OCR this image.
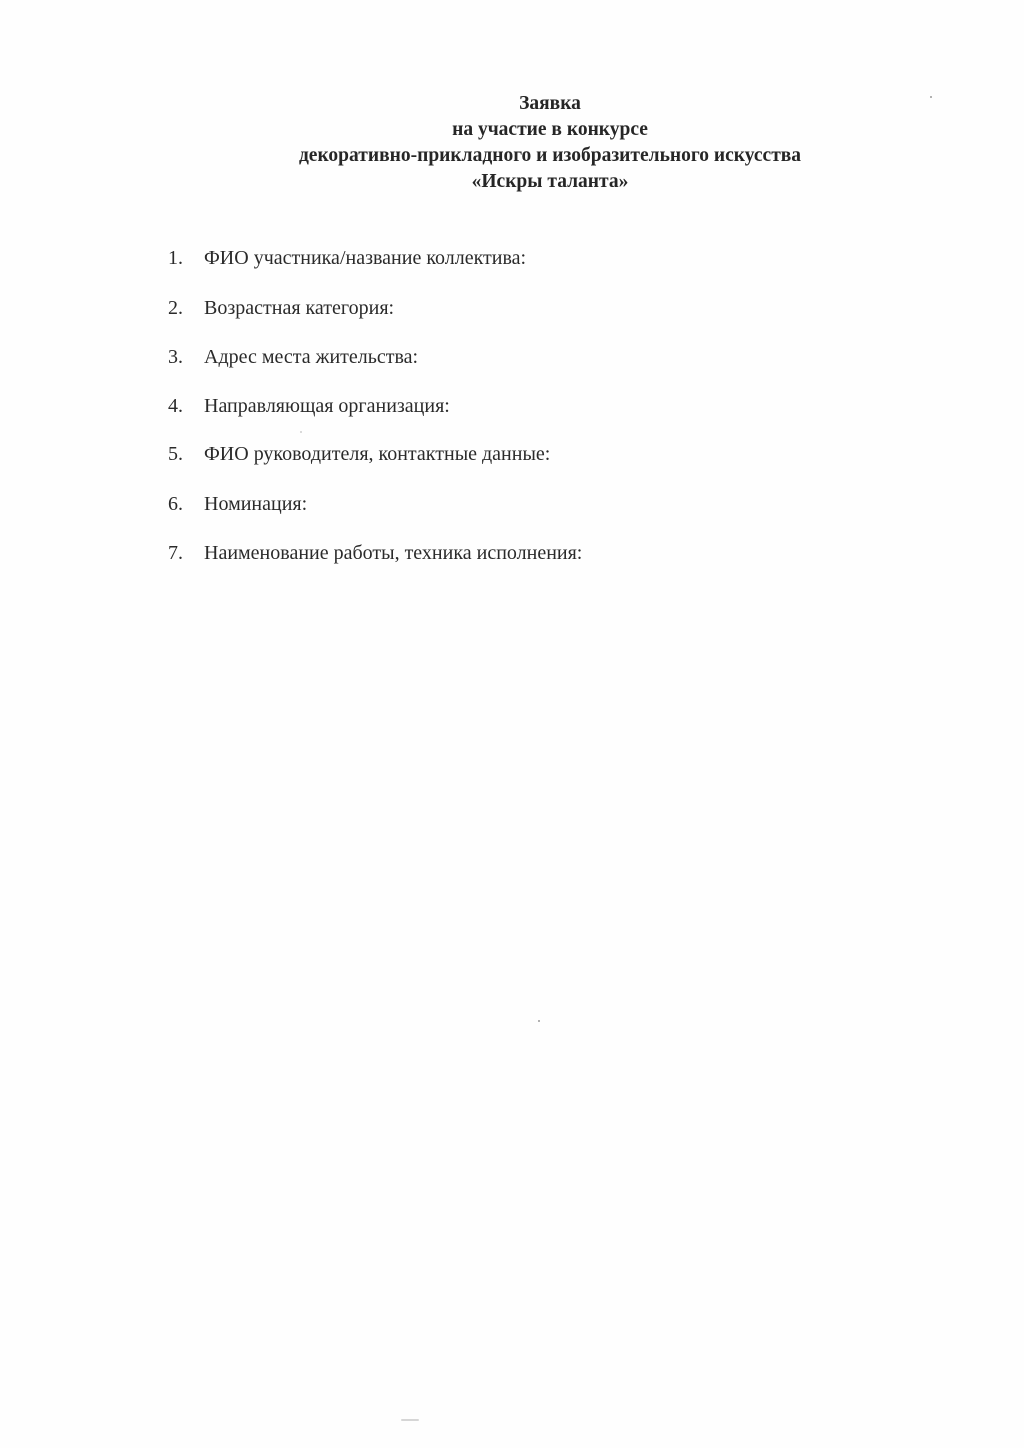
Заявка
на участие в конкурсе
декоративно-прикладного и изобразительного искусства
«Искры таланта»
1. ФИО участника/название коллектива:
2. Возрастная категория:
3. Адрес места жительства:
4. Направляющая организация:
5. ФИО руководителя, контактные данные:
6. Номинация:
7. Наименование работы, техника исполнения:
